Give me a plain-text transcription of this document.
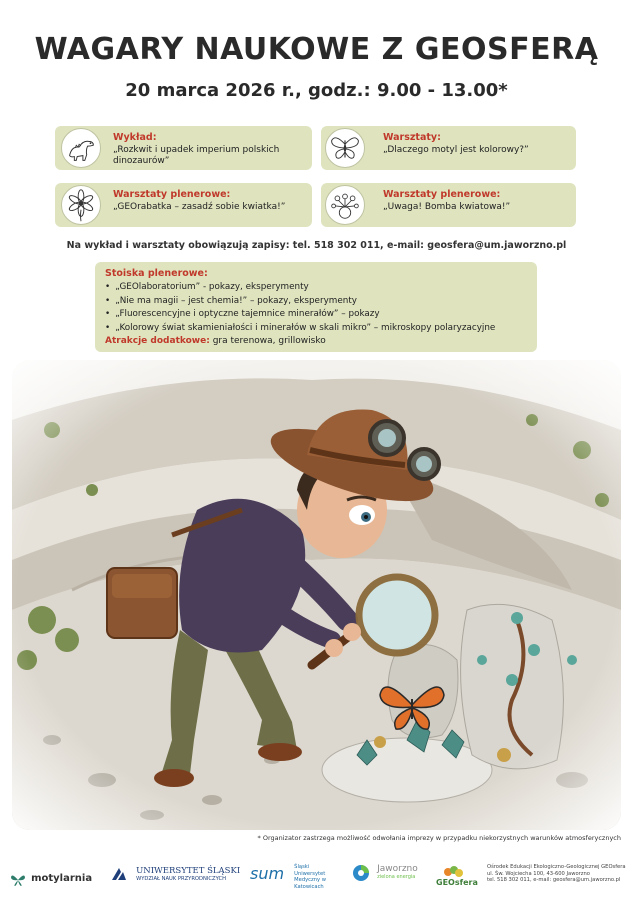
WAGARY NAUKOWE Z GEOSFERĄ
20 marca 2026 r., godz.: 9.00 - 13.00*
Wykład:
„Rozkwit i upadek imperium polskich dinozaurów”
Warsztaty:
„Dlaczego motyl jest kolorowy?”
Warsztaty plenerowe:
„GEOrabatka – zasadź sobie kwiatka!”
Warsztaty plenerowe:
„Uwaga! Bomba kwiatowa!”
Na wykład i warsztaty obowiązują zapisy: tel. 518 302 011, e-mail: geosfera@um.jaworzno.pl
Stoiska plenerowe:
• „GEOlaboratorium” - pokazy, eksperymenty
• „Nie ma magii – jest chemia!” – pokazy, eksperymenty
• „Fluorescencyjne i optyczne tajemnice minerałów” – pokazy
• „Kolorowy świat skamieniałości i minerałów w skali mikro” – mikroskopy polaryzacyjne
Atrakcje dodatkowe: gra terenowa, grillowisko
* Organizator zastrzega możliwość odwołania imprezy w przypadku niekorzystnych warunków atmosferycznych
motylarnia

UNIWERSYTET ŚLĄSKI
WYDZIAŁ NAUK PRZYRODNICZYCH	sum Śląski Uniwersytet Medyczny w Katowicach

Jaworzno
zielona energia
GEOsfera
Ośrodek Edukacji Ekologiczno-Geologicznej GEOsfera
ul. Św. Wojciecha 100, 43-600 Jaworzno
tel. 518 302 011, e-mail: geosfera@um.jaworzno.pl
